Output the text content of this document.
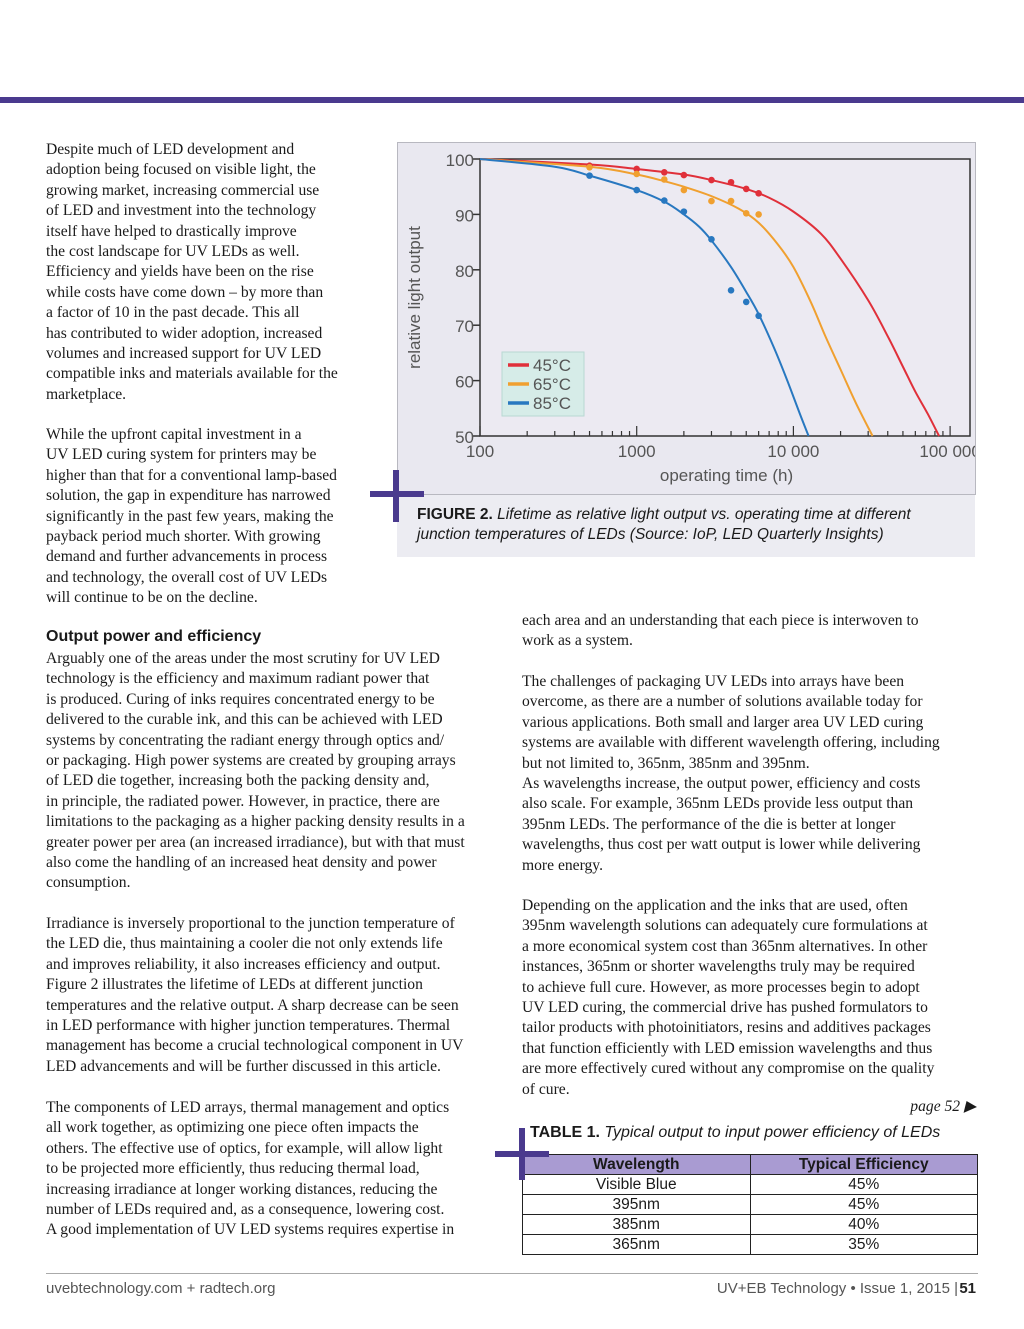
Despite much of LED development and
adoption being focused on visible light, the
growing market, increasing commercial use
of LED and investment into the technology
itself have helped to drastically improve
the cost landscape for UV LEDs as well.
Efficiency and yields have been on the rise
while costs have come down – by more than
a factor of 10 in the past decade. This all
has contributed to wider adoption, increased
volumes and increased support for UV LED
compatible inks and materials available for the
marketplace.

While the upfront capital investment in a
UV LED curing system for printers may be
higher than that for a conventional lamp-based
solution, the gap in expenditure has narrowed
significantly in the past few years, making the
payback period much shorter. With growing
demand and further advancements in process
and technology, the overall cost of UV LEDs
will continue to be on the decline.

Output power and efficiency

Arguably one of the areas under the most scrutiny for UV LED
technology is the efficiency and maximum radiant power that
is produced. Curing of inks requires concentrated energy to be
delivered to the curable ink, and this can be achieved with LED
systems by concentrating the radiant energy through optics and/
or packaging. High power systems are created by grouping arrays
of LED die together, increasing both the packing density and,
in principle, the radiated power. However, in practice, there are
limitations to the packaging as a higher packing density results in a
greater power per area (an increased irradiance), but with that must
also come the handling of an increased heat density and power
consumption.

Irradiance is inversely proportional to the junction temperature of
the LED die, thus maintaining a cooler die not only extends life
and improves reliability, it also increases efficiency and output.
Figure 2 illustrates the lifetime of LEDs at different junction
temperatures and the relative output. A sharp decrease can be seen
in LED performance with higher junction temperatures. Thermal
management has become a crucial technological component in UV
LED advancements and will be further discussed in this article.

The components of LED arrays, thermal management and optics
all work together, as optimizing one piece often impacts the
others. The effective use of optics, for example, will allow light
to be projected more efficiently, thus reducing thermal load,
increasing irradiance at longer working distances, reducing the
number of LEDs required and, as a consequence, lowering cost.
A good implementation of UV LED systems requires expertise in

each area and an understanding that each piece is interwoven to
work as a system.

The challenges of packaging UV LEDs into arrays have been
overcome, as there are a number of solutions available today for
various applications. Both small and larger area UV LED curing
systems are available with different wavelength offering, including
but not limited to, 365nm, 385nm and 395nm.
As wavelengths increase, the output power, efficiency and costs
also scale. For example, 365nm LEDs provide less output than
395nm LEDs. The performance of the die is better at longer
wavelengths, thus cost per watt output is lower while delivering
more energy.

Depending on the application and the inks that are used, often
395nm wavelength solutions can adequately cure formulations at
a more economical system cost than 365nm alternatives. In other
instances, 365nm or shorter wavelengths truly may be required
to achieve full cure. However, as more processes begin to adopt
UV LED curing, the commercial drive has pushed formulators to
tailor products with photoinitiators, resins and additives packages
that function efficiently with LED emission wavelengths and thus
are more effectively cured without any compromise on the quality
of cure.

page 52 ▶
100
90
80
70
60
50
100	1000	10 000	100 000
operating time (h)
relative light output	45°C
65°C
85°C
FIGURE 2. Lifetime as relative light output vs. operating time at different junction temperatures of LEDs (Source: IoP, LED Quarterly Insights)
TABLE 1. Typical output to input power efficiency of LEDs
Wavelength	Typical Efficiency
Visible Blue	45%
395nm	45%
385nm	40%
365nm	35%
uvebtechnology.com + radtech.org	UV+EB Technology • Issue 1, 2015 | 51
